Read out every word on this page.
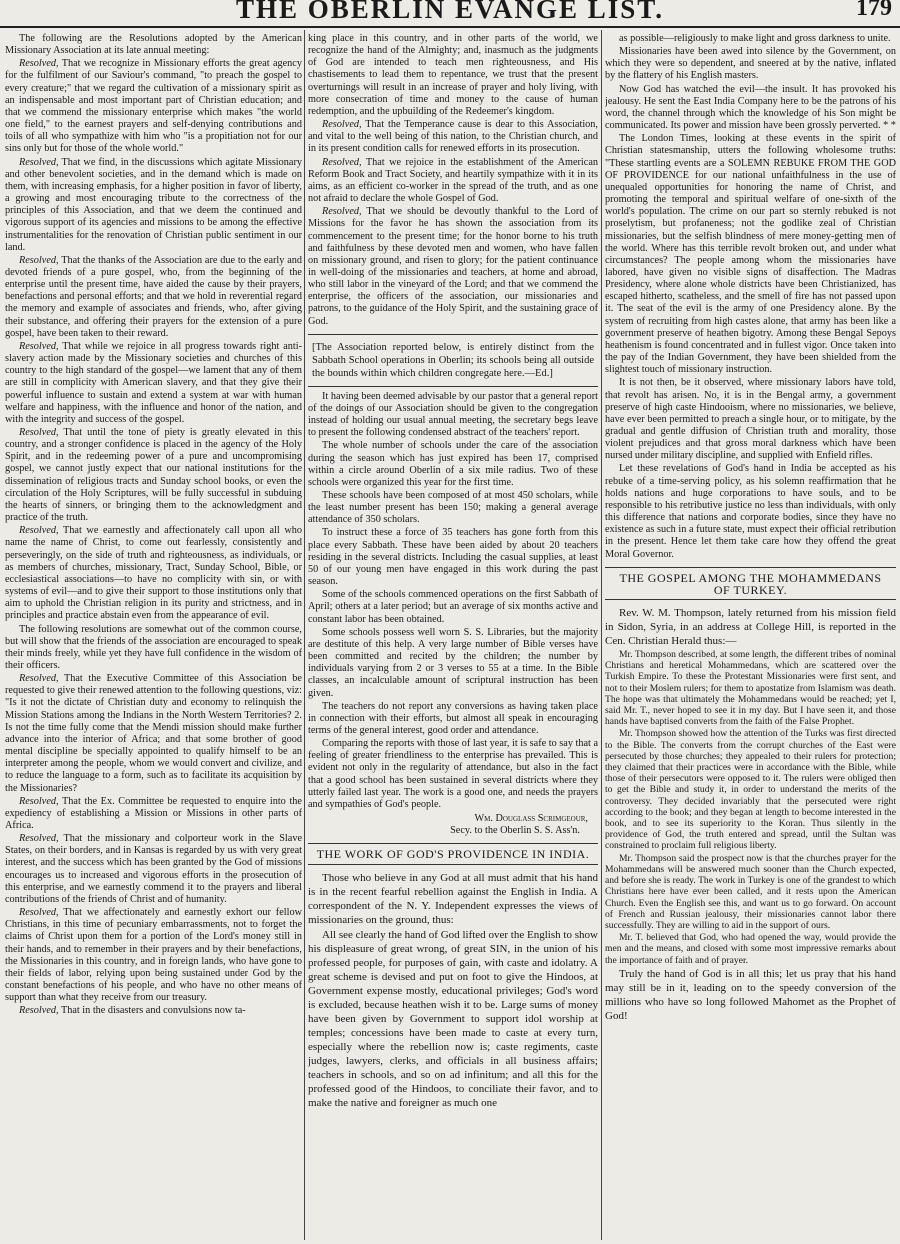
THE OBERLIN EVANGE LIST.	179

The following are the Resolutions adopted by the American Missionary Association at its late annual meeting:

Resolved, That we recognize in Missionary efforts the great agency for the fulfilment of our Saviour's command, "to preach the gospel to every creature;" that we regard the cultivation of a missionary spirit as an indispensable and most important part of Christian education; and that we commend the missionary enterprise which makes "the world one field," to the earnest prayers and self-denying contributions and toils of all who sympathize with him who "is a propitiation not for our sins only but for those of the whole world."

Resolved, That we find, in the discussions which agitate Missionary and other benevolent societies, and in the demand which is made on them, with increasing emphasis, for a higher position in favor of liberty, a growing and most encouraging tribute to the correctness of the principles of this Association, and that we deem the continued and vigorous support of its agencies and missions to be among the effective instrumentalities for the renovation of Christian public sentiment in our land.

Resolved, That the thanks of the Association are due to the early and devoted friends of a pure gospel, who, from the beginning of the enterprise until the present time, have aided the cause by their prayers, benefactions and personal efforts; and that we hold in reverential regard the memory and example of associates and friends, who, after giving their substance, and offering their prayers for the extension of a pure gospel, have been taken to their reward.

Resolved, That while we rejoice in all progress towards right anti-slavery action made by the Missionary societies and churches of this country to the high standard of the gospel—we lament that any of them are still in complicity with American slavery, and that they give their powerful influence to sustain and extend a system at war with human welfare and happiness, with the influence and honor of the nation, and with the integrity and success of the gospel.

Resolved, That until the tone of piety is greatly elevated in this country, and a stronger confidence is placed in the agency of the Holy Spirit, and in the redeeming power of a pure and uncompromising gospel, we cannot justly expect that our national institutions for the dissemination of religious tracts and Sunday school books, or even the circulation of the Holy Scriptures, will be fully successful in subduing the hearts of sinners, or bringing them to the acknowledgment and practice of the truth.

Resolved, That we earnestly and affectionately call upon all who name the name of Christ, to come out fearlessly, consistently and perseveringly, on the side of truth and righteousness, as individuals, or as members of churches, missionary, Tract, Sunday School, Bible, or ecclesiastical associations—to have no complicity with sin, or with systems of evil—and to give their support to those institutions only that aim to uphold the Christian religion in its purity and strictness, and in principles and practice abstain even from the appearance of evil.

The following resolutions are somewhat out of the common course, but will show that the friends of the association are encouraged to speak their minds freely, while yet they have full confidence in the wisdom of their officers.

Resolved, That the Executive Committee of this Association be requested to give their renewed attention to the following questions, viz: "Is it not the dictate of Christian duty and economy to relinquish the Mission Stations among the Indians in the North Western Territories? 2. Is not the time fully come that the Mendi mission should make further advance into the interior of Africa; and that some brother of good mental discipline be specially appointed to qualify himself to be an interpreter among the people, whom we would convert and civilize, and to reduce the language to a form, such as to facilitate its acquisition by the Missionaries?

Resolved, That the Ex. Committee be requested to enquire into the expediency of establishing a Mission or Missions in other parts of Africa.

Resolved, That the missionary and colporteur work in the Slave States, on their borders, and in Kansas is regarded by us with very great interest, and the success which has been granted by the God of missions encourages us to increased and vigorous efforts in the prosecution of this enterprise, and we earnestly commend it to the prayers and liberal contributions of the friends of Christ and of humanity.

Resolved, That we affectionately and earnestly exhort our fellow Christians, in this time of pecuniary embarrassments, not to forget the claims of Christ upon them for a portion of the Lord's money still in their hands, and to remember in their prayers and by their benefactions, the Missionaries in this country, and in foreign lands, who have gone to their fields of labor, relying upon being sustained under God by the constant benefactions of his people, and who have no other means of support than what they receive from our treasury.

Resolved, That in the disasters and convulsions now ta-

king place in this country, and in other parts of the world, we recognize the hand of the Almighty; and, inasmuch as the judgments of God are intended to teach men righteousness, and His chastisements to lead them to repentance, we trust that the present overturnings will result in an increase of prayer and holy living, with more consecration of time and money to the cause of human redemption, and the upbuilding of the Redeemer's kingdom.

Resolved, That the Temperance cause is dear to this Association, and vital to the well being of this nation, to the Christian church, and in its present condition calls for renewed efforts in its prosecution.

Resolved, That we rejoice in the establishment of the American Reform Book and Tract Society, and heartily sympathize with it in its aims, as an efficient co-worker in the spread of the truth, and as one not afraid to declare the whole Gospel of God.

Resolved, That we should be devoutly thankful to the Lord of Missions for the favor he has shown the association from its commencement to the present time; for the honor borne to his truth and faithfulness by these devoted men and women, who have fallen on missionary ground, and risen to glory; for the patient continuance in well-doing of the missionaries and teachers, at home and abroad, who still labor in the vineyard of the Lord; and that we commend the enterprise, the officers of the association, our missionaries and patrons, to the guidance of the Holy Spirit, and the sustaining grace of God.

[The Association reported below, is entirely distinct from the Sabbath School operations in Oberlin; its schools being all outside the bounds within which children congregate here.—Ed.]

It having been deemed advisable by our pastor that a general report of the doings of our Association should be given to the congregation instead of holding our usual annual meeting, the secretary begs leave to present the following condensed abstract of the teachers' report.

The whole number of schools under the care of the association during the season which has just expired has been 17, comprised within a circle around Oberlin of a six mile radius. Two of these schools were organized this year for the first time.

These schools have been composed of at most 450 scholars, while the least number present has been 150; making a general average attendance of 350 scholars.

To instruct these a force of 35 teachers has gone forth from this place every Sabbath. These have been aided by about 20 teachers residing in the several districts. Including the casual supplies, at least 50 of our young men have engaged in this work during the past season.

Some of the schools commenced operations on the first Sabbath of April; others at a later period; but an average of six months active and constant labor has been obtained.

Some schools possess well worn S. S. Libraries, but the majority are destitute of this help. A very large number of Bible verses have been committed and recited by the children; the number by individuals varying from 2 or 3 verses to 55 at a time. In the Bible classes, an incalculable amount of scriptural instruction has been given.

The teachers do not report any conversions as having taken place in connection with their efforts, but almost all speak in encouraging terms of the general interest, good order and attendance.

Comparing the reports with those of last year, it is safe to say that a feeling of greater friendliness to the enterprise has prevailed. This is evident not only in the regularity of attendance, but also in the fact that a good school has been sustained in several districts where they utterly failed last year. The work is a good one, and needs the prayers and sympathies of God's people.

Wm. Douglass Scrimgeour,

Secy. to the Oberlin S. S. Ass'n.

THE WORK OF GOD'S PROVIDENCE IN INDIA.

Those who believe in any God at all must admit that his hand is in the recent fearful rebellion against the English in India. A correspondent of the N. Y. Independent expresses the views of missionaries on the ground, thus:

All see clearly the hand of God lifted over the English to show his displeasure of great wrong, of great SIN, in the union of his professed people, for purposes of gain, with caste and idolatry. A great scheme is devised and put on foot to give the Hindoos, at Government expense mostly, educational privileges; God's word is excluded, because heathen wish it to be. Large sums of money have been given by Government to support idol worship at temples; concessions have been made to caste at every turn, especially where the rebellion now is; caste regiments, caste judges, lawyers, clerks, and officials in all business affairs; teachers in schools, and so on ad infinitum; and all this for the professed good of the Hindoos, to conciliate their favor, and to make the native and foreigner as much one

as possible—religiously to make light and gross darkness to unite.

Missionaries have been awed into silence by the Government, on which they were so dependent, and sneered at by the native, inflated by the flattery of his English masters.

Now God has watched the evil—the insult. It has provoked his jealousy. He sent the East India Company here to be the patrons of his word, the channel through which the knowledge of his Son might be communicated. Its power and mission have been grossly perverted. * *

The London Times, looking at these events in the spirit of Christian statesmanship, utters the following wholesome truths: "These startling events are a SOLEMN REBUKE FROM THE GOD OF PROVIDENCE for our national unfaithfulness in the use of unequaled opportunities for honoring the name of Christ, and promoting the temporal and spiritual welfare of one-sixth of the world's population. The crime on our part so sternly rebuked is not proselytism, but profaneness; not the godlike zeal of Christian missionaries, but the selfish blindness of mere money-getting men of the world. Where has this terrible revolt broken out, and under what circumstances? The people among whom the missionaries have labored, have given no visible signs of disaffection. The Madras Presidency, where alone whole districts have been Christianized, has escaped hitherto, scatheless, and the smell of fire has not passed upon it. The seat of the evil is the army of one Presidency alone. By the system of recruiting from high castes alone, that army has been like a government preserve of heathen bigotry. Among these Bengal Sepoys heathenism is found concentrated and in fullest vigor. Once taken into the pay of the Indian Government, they have been shielded from the slightest touch of missionary instruction.

It is not then, be it observed, where missionary labors have told, that revolt has arisen. No, it is in the Bengal army, a government preserve of high caste Hindooism, where no missionaries, we believe, have ever been permitted to preach a single hour, or to mitigate, by the gradual and gentle diffusion of Christian truth and morality, those violent prejudices and that gross moral darkness which have been nursed under military discipline, and supplied with Enfield rifles.

Let these revelations of God's hand in India be accepted as his rebuke of a time-serving policy, as his solemn reaffirmation that he holds nations and huge corporations to have souls, and to be responsible to his retributive justice no less than individuals, with only this difference that nations and corporate bodies, since they have no existence as such in a future state, must expect their official retribution in the present. Hence let them take care how they offend the great Moral Governor.

THE GOSPEL AMONG THE MOHAMMEDANS OF TURKEY.

Rev. W. M. Thompson, lately returned from his mission field in Sidon, Syria, in an address at College Hill, is reported in the Cen. Christian Herald thus:—

Mr. Thompson described, at some length, the different tribes of nominal Christians and heretical Mohammedans, which are scattered over the Turkish Empire. To these the Protestant Missionaries were first sent, and not to their Moslem rulers; for them to apostatize from Islamism was death. The hope was that ultimately the Mohammedans would be reached; yet I, said Mr. T., never hoped to see it in my day. But I have seen it, and those hands have baptised converts from the faith of the False Prophet.

Mr. Thompson showed how the attention of the Turks was first directed to the Bible. The converts from the corrupt churches of the East were persecuted by those churches; they appealed to their rulers for protection; they claimed that their practices were in accordance with the Bible, while those of their persecutors were opposed to it. The rulers were obliged then to get the Bible and study it, in order to understand the merits of the controversy. They decided invariably that the persecuted were right according to the book; and they began at length to become interested in the book, and to see its superiority to the Koran. Thus silently in the providence of God, the truth entered and spread, until the Sultan was constrained to proclaim full religious liberty.

Mr. Thompson said the prospect now is that the churches prayer for the Mohammedans will be answered much sooner than the Church expected, and before she is ready. The work in Turkey is one of the grandest to which Christians here have ever been called, and it rests upon the American Church. Even the English see this, and want us to go forward. On account of French and Russian jealousy, their missionaries cannot labor there successfully. They are willing to aid in the support of ours.

Mr. T. believed that God, who had opened the way, would provide the men and the means, and closed with some most impressive remarks about the importance of faith and of prayer.

Truly the hand of God is in all this; let us pray that his hand may still be in it, leading on to the speedy conversion of the millions who have so long followed Mahomet as the Prophet of God!
